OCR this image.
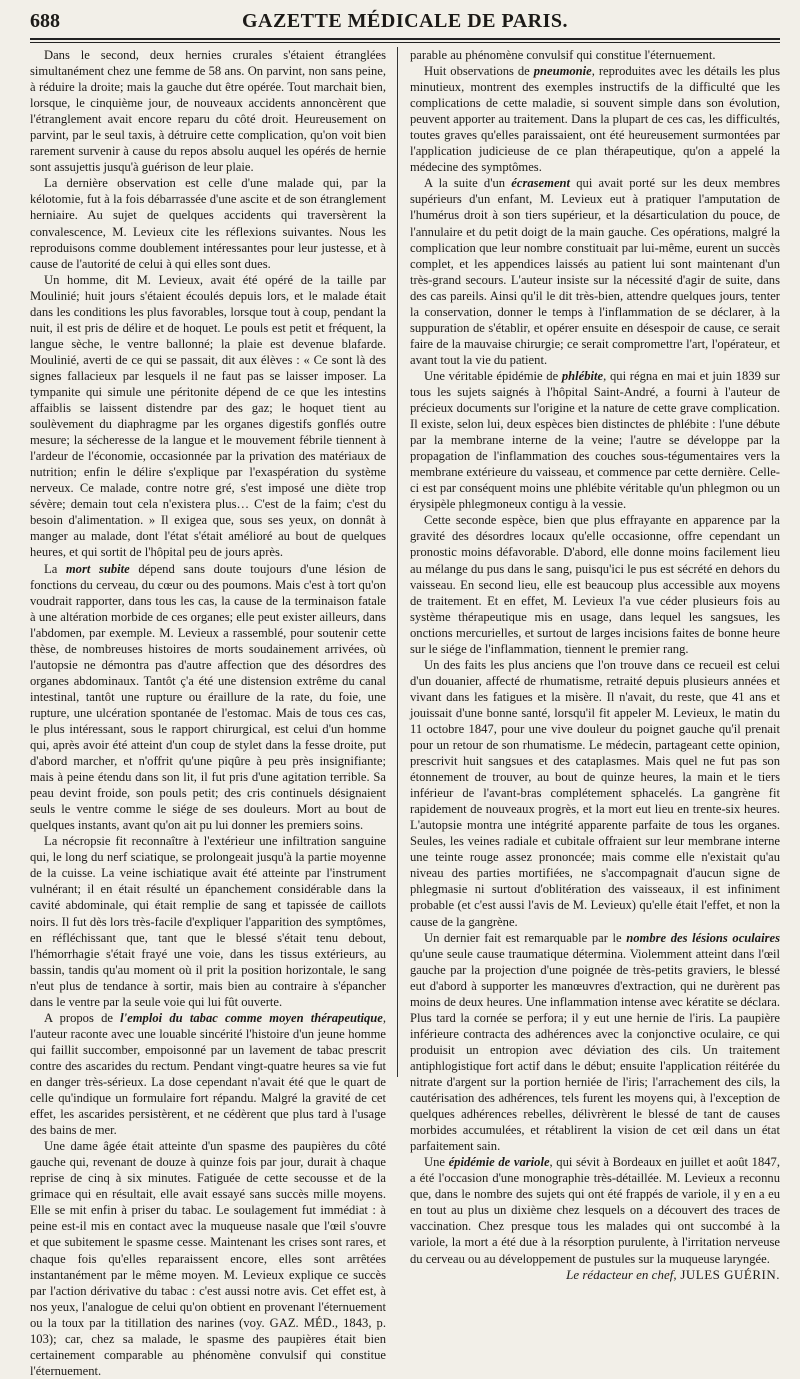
688	GAZETTE MÉDICALE DE PARIS.

Dans le second, deux hernies crurales s'étaient étranglées simultanément chez une femme de 58 ans. On parvint, non sans peine, à réduire la droite; mais la gauche dut être opérée. Tout marchait bien, lorsque, le cinquième jour, de nouveaux accidents annoncèrent que l'étranglement avait encore reparu du côté droit. Heureusement on parvint, par le seul taxis, à détruire cette complication, qu'on voit bien rarement survenir à cause du repos absolu auquel les opérés de hernie sont assujettis jusqu'à guérison de leur plaie.

La dernière observation est celle d'une malade qui, par la kélotomie, fut à la fois débarrassée d'une ascite et de son étranglement herniaire. Au sujet de quelques accidents qui traversèrent la convalescence, M. Levieux cite les réflexions suivantes. Nous les reproduisons comme doublement intéressantes pour leur justesse, et à cause de l'autorité de celui à qui elles sont dues.

Un homme, dit M. Levieux, avait été opéré de la taille par Moulinié; huit jours s'étaient écoulés depuis lors, et le malade était dans les conditions les plus favorables, lorsque tout à coup, pendant la nuit, il est pris de délire et de hoquet. Le pouls est petit et fréquent, la langue sèche, le ventre ballonné; la plaie est devenue blafarde. Moulinié, averti de ce qui se passait, dit aux élèves : « Ce sont là des signes fallacieux par lesquels il ne faut pas se laisser imposer. La tympanite qui simule une péritonite dépend de ce que les intestins affaiblis se laissent distendre par des gaz; le hoquet tient au soulèvement du diaphragme par les organes digestifs gonflés outre mesure; la sécheresse de la langue et le mouvement fébrile tiennent à l'ardeur de l'économie, occasionnée par la privation des matériaux de nutrition; enfin le délire s'explique par l'exaspération du système nerveux. Ce malade, contre notre gré, s'est imposé une diète trop sévère; demain tout cela n'existera plus… C'est de la faim; c'est du besoin d'alimentation. » Il exigea que, sous ses yeux, on donnât à manger au malade, dont l'état s'était amélioré au bout de quelques heures, et qui sortit de l'hôpital peu de jours après.

La mort subite dépend sans doute toujours d'une lésion de fonctions du cerveau, du cœur ou des poumons. Mais c'est à tort qu'on voudrait rapporter, dans tous les cas, la cause de la terminaison fatale à une altération morbide de ces organes; elle peut exister ailleurs, dans l'abdomen, par exemple. M. Levieux a rassemblé, pour soutenir cette thèse, de nombreuses histoires de morts soudainement arrivées, où l'autopsie ne démontra pas d'autre affection que des désordres des organes abdominaux. Tantôt ç'a été une distension extrême du canal intestinal, tantôt une rupture ou éraillure de la rate, du foie, une rupture, une ulcération spontanée de l'estomac. Mais de tous ces cas, le plus intéressant, sous le rapport chirurgical, est celui d'un homme qui, après avoir été atteint d'un coup de stylet dans la fesse droite, put d'abord marcher, et n'offrit qu'une piqûre à peu près insignifiante; mais à peine étendu dans son lit, il fut pris d'une agitation terrible. Sa peau devint froide, son pouls petit; des cris continuels désignaient seuls le ventre comme le siége de ses douleurs. Mort au bout de quelques instants, avant qu'on ait pu lui donner les premiers soins.

La nécropsie fit reconnaître à l'extérieur une infiltration sanguine qui, le long du nerf sciatique, se prolongeait jusqu'à la partie moyenne de la cuisse. La veine ischiatique avait été atteinte par l'instrument vulnérant; il en était résulté un épanchement considérable dans la cavité abdominale, qui était remplie de sang et tapissée de caillots noirs. Il fut dès lors très-facile d'expliquer l'apparition des symptômes, en réfléchissant que, tant que le blessé s'était tenu debout, l'hémorrhagie s'était frayé une voie, dans les tissus extérieurs, au bassin, tandis qu'au moment où il prit la position horizontale, le sang n'eut plus de tendance à sortir, mais bien au contraire à s'épancher dans le ventre par la seule voie qui lui fût ouverte.

A propos de l'emploi du tabac comme moyen thérapeutique, l'auteur raconte avec une louable sincérité l'histoire d'un jeune homme qui faillit succomber, empoisonné par un lavement de tabac prescrit contre des ascarides du rectum. Pendant vingt-quatre heures sa vie fut en danger très-sérieux. La dose cependant n'avait été que le quart de celle qu'indique un formulaire fort répandu. Malgré la gravité de cet effet, les ascarides persistèrent, et ne cédèrent que plus tard à l'usage des bains de mer.

Une dame âgée était atteinte d'un spasme des paupières du côté gauche qui, revenant de douze à quinze fois par jour, durait à chaque reprise de cinq à six minutes. Fatiguée de cette secousse et de la grimace qui en résultait, elle avait essayé sans succès mille moyens. Elle se mit enfin à priser du tabac. Le soulagement fut immédiat : à peine est-il mis en contact avec la muqueuse nasale que l'œil s'ouvre et que subitement le spasme cesse. Maintenant les crises sont rares, et chaque fois qu'elles reparaissent encore, elles sont arrêtées instantanément par le même moyen. M. Levieux explique ce succès par l'action dérivative du tabac : c'est aussi notre avis. Cet effet est, à nos yeux, l'analogue de celui qu'on obtient en provenant l'éternuement ou la toux par la titillation des narines (voy. GAZ. MÉD., 1843, p. 103); car, chez sa malade, le spasme des paupières était bien certainement comparable au phénomène convulsif qui constitue l'éternuement.

parable au phénomène convulsif qui constitue l'éternuement.

Huit observations de pneumonie, reproduites avec les détails les plus minutieux, montrent des exemples instructifs de la difficulté que les complications de cette maladie, si souvent simple dans son évolution, peuvent apporter au traitement. Dans la plupart de ces cas, les difficultés, toutes graves qu'elles paraissaient, ont été heureusement surmontées par l'application judicieuse de ce plan thérapeutique, qu'on a appelé la médecine des symptômes.

A la suite d'un écrasement qui avait porté sur les deux membres supérieurs d'un enfant, M. Levieux eut à pratiquer l'amputation de l'humérus droit à son tiers supérieur, et la désarticulation du pouce, de l'annulaire et du petit doigt de la main gauche. Ces opérations, malgré la complication que leur nombre constituait par lui-même, eurent un succès complet, et les appendices laissés au patient lui sont maintenant d'un très-grand secours. L'auteur insiste sur la nécessité d'agir de suite, dans des cas pareils. Ainsi qu'il le dit très-bien, attendre quelques jours, tenter la conservation, donner le temps à l'inflammation de se déclarer, à la suppuration de s'établir, et opérer ensuite en désespoir de cause, ce serait faire de la mauvaise chirurgie; ce serait compromettre l'art, l'opérateur, et avant tout la vie du patient.

Une véritable épidémie de phlébite, qui régna en mai et juin 1839 sur tous les sujets saignés à l'hôpital Saint-André, a fourni à l'auteur de précieux documents sur l'origine et la nature de cette grave complication. Il existe, selon lui, deux espèces bien distinctes de phlébite : l'une débute par la membrane interne de la veine; l'autre se développe par la propagation de l'inflammation des couches sous-tégumentaires vers la membrane extérieure du vaisseau, et commence par cette dernière. Celle-ci est par conséquent moins une phlébite véritable qu'un phlegmon ou un érysipèle phlegmoneux contigu à la vessie.

Cette seconde espèce, bien que plus effrayante en apparence par la gravité des désordres locaux qu'elle occasionne, offre cependant un pronostic moins défavorable. D'abord, elle donne moins facilement lieu au mélange du pus dans le sang, puisqu'ici le pus est sécrété en dehors du vaisseau. En second lieu, elle est beaucoup plus accessible aux moyens de traitement. Et en effet, M. Levieux l'a vue céder plusieurs fois au système thérapeutique mis en usage, dans lequel les sangsues, les onctions mercurielles, et surtout de larges incisions faites de bonne heure sur le siége de l'inflammation, tiennent le premier rang.

Un des faits les plus anciens que l'on trouve dans ce recueil est celui d'un douanier, affecté de rhumatisme, retraité depuis plusieurs années et vivant dans les fatigues et la misère. Il n'avait, du reste, que 41 ans et jouissait d'une bonne santé, lorsqu'il fit appeler M. Levieux, le matin du 11 octobre 1847, pour une vive douleur du poignet gauche qu'il prenait pour un retour de son rhumatisme. Le médecin, partageant cette opinion, prescrivit huit sangsues et des cataplasmes. Mais quel ne fut pas son étonnement de trouver, au bout de quinze heures, la main et le tiers inférieur de l'avant-bras complétement sphacelés. La gangrène fit rapidement de nouveaux progrès, et la mort eut lieu en trente-six heures. L'autopsie montra une intégrité apparente parfaite de tous les organes. Seules, les veines radiale et cubitale offraient sur leur membrane interne une teinte rouge assez prononcée; mais comme elle n'existait qu'au niveau des parties mortifiées, ne s'accompagnait d'aucun signe de phlegmasie ni surtout d'oblitération des vaisseaux, il est infiniment probable (et c'est aussi l'avis de M. Levieux) qu'elle était l'effet, et non la cause de la gangrène.

Un dernier fait est remarquable par le nombre des lésions oculaires qu'une seule cause traumatique détermina. Violemment atteint dans l'œil gauche par la projection d'une poignée de très-petits graviers, le blessé eut d'abord à supporter les manœuvres d'extraction, qui ne durèrent pas moins de deux heures. Une inflammation intense avec kératite se déclara. Plus tard la cornée se perfora; il y eut une hernie de l'iris. La paupière inférieure contracta des adhérences avec la conjonctive oculaire, ce qui produisit un entropion avec déviation des cils. Un traitement antiphlogistique fort actif dans le début; ensuite l'application réitérée du nitrate d'argent sur la portion herniée de l'iris; l'arrachement des cils, la cautérisation des adhérences, tels furent les moyens qui, à l'exception de quelques adhérences rebelles, délivrèrent le blessé de tant de causes morbides accumulées, et rétablirent la vision de cet œil dans un état parfaitement sain.

Une épidémie de variole, qui sévit à Bordeaux en juillet et août 1847, a été l'occasion d'une monographie très-détaillée. M. Levieux a reconnu que, dans le nombre des sujets qui ont été frappés de variole, il y en a eu en tout au plus un dixième chez lesquels on a découvert des traces de vaccination. Chez presque tous les malades qui ont succombé à la variole, la mort a été due à la résorption purulente, à l'irritation nerveuse du cerveau ou au développement de pustules sur la muqueuse laryngée.

Le rédacteur en chef, JULES GUÉRIN.
